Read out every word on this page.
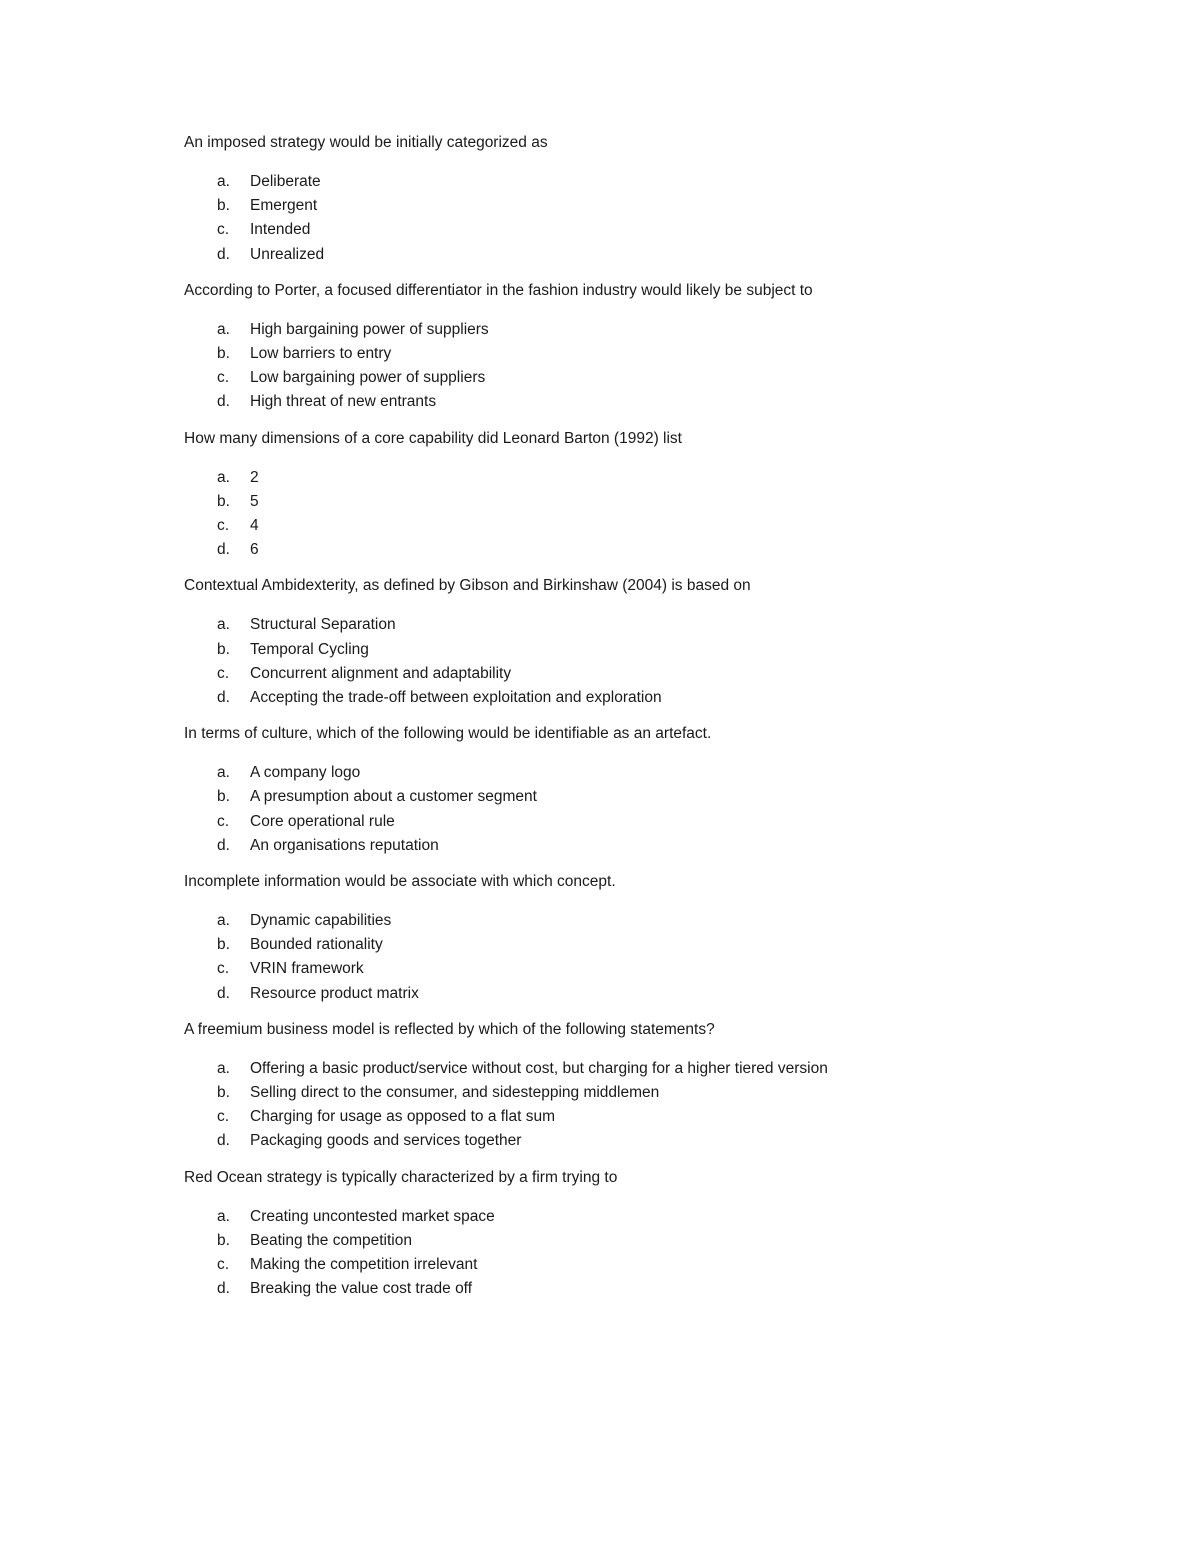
An imposed strategy would be initially categorized as
a.	Deliberate
b.	Emergent
c.	Intended
d.	Unrealized
According to Porter, a focused differentiator in the fashion industry would likely be subject to
a.	High bargaining power of suppliers
b.	Low barriers to entry
c.	Low bargaining power of suppliers
d.	High threat of new entrants
How many dimensions of a core capability did Leonard Barton (1992) list
a.	2
b.	5
c.	4
d.	6
Contextual Ambidexterity, as defined by Gibson and Birkinshaw (2004) is based on
a.	Structural Separation
b.	Temporal Cycling
c.	Concurrent alignment and adaptability
d.	Accepting the trade-off between exploitation and exploration
In terms of culture, which of the following would be identifiable as an artefact.
a.	A company logo
b.	A presumption about a customer segment
c.	Core operational rule
d.	An organisations reputation
Incomplete information would be associate with which concept.
a.	Dynamic capabilities
b.	Bounded rationality
c.	VRIN framework
d.	Resource product matrix
A freemium business model is reflected by which of the following statements?
a.	Offering a basic product/service without cost, but charging for a higher tiered version
b.	Selling direct to the consumer, and sidestepping middlemen
c.	Charging for usage as opposed to a flat sum
d.	Packaging goods and services together
Red Ocean strategy is typically characterized by a firm trying to
a.	Creating uncontested market space
b.	Beating the competition
c.	Making the competition irrelevant
d.	Breaking the value cost trade off
